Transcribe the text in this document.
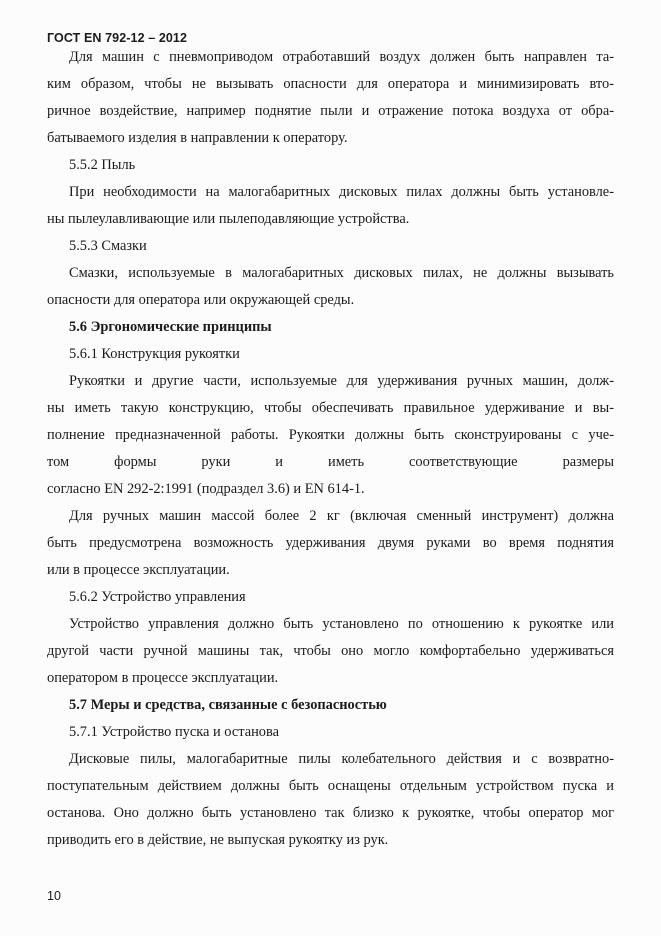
ГОСТ EN 792-12 – 2012

Для машин с пневмоприводом отработавший воздух должен быть направлен та-
ким образом, чтобы не вызывать опасности для оператора и минимизировать вто-
ричное воздействие, например поднятие пыли и отражение потока воздуха от обра-
батываемого изделия в направлении к оператору.

5.5.2 Пыль

При необходимости на малогабаритных дисковых пилах должны быть установле-
ны пылеулавливающие или пылеподавляющие устройства.

5.5.3 Смазки

Смазки, используемые в малогабаритных дисковых пилах, не должны вызывать
опасности для оператора или окружающей среды.

5.6 Эргономические принципы

5.6.1 Конструкция рукоятки

Рукоятки и другие части, используемые для удерживания ручных машин, долж-
ны иметь такую конструкцию, чтобы обеспечивать правильное удерживание и вы-
полнение предназначенной работы. Рукоятки должны быть сконструированы с уче-
том формы руки и иметь соответствующие размеры
согласно EN 292-2:1991 (подраздел 3.6) и EN 614-1.

Для ручных машин массой более 2 кг (включая сменный инструмент) должна
быть предусмотрена возможность удерживания двумя руками во время поднятия
или в процессе эксплуатации.

5.6.2 Устройство управления

Устройство управления должно быть установлено по отношению к рукоятке или
другой части ручной машины так, чтобы оно могло комфортабельно удерживаться
оператором в процессе эксплуатации.

5.7 Меры и средства, связанные с безопасностью

5.7.1 Устройство пуска и останова

Дисковые пилы, малогабаритные пилы колебательного действия и с возвратно-
поступательным действием должны быть оснащены отдельным устройством пуска и
останова. Оно должно быть установлено так близко к рукоятке, чтобы оператор мог
приводить его в действие, не выпуская рукоятку из рук.

10
